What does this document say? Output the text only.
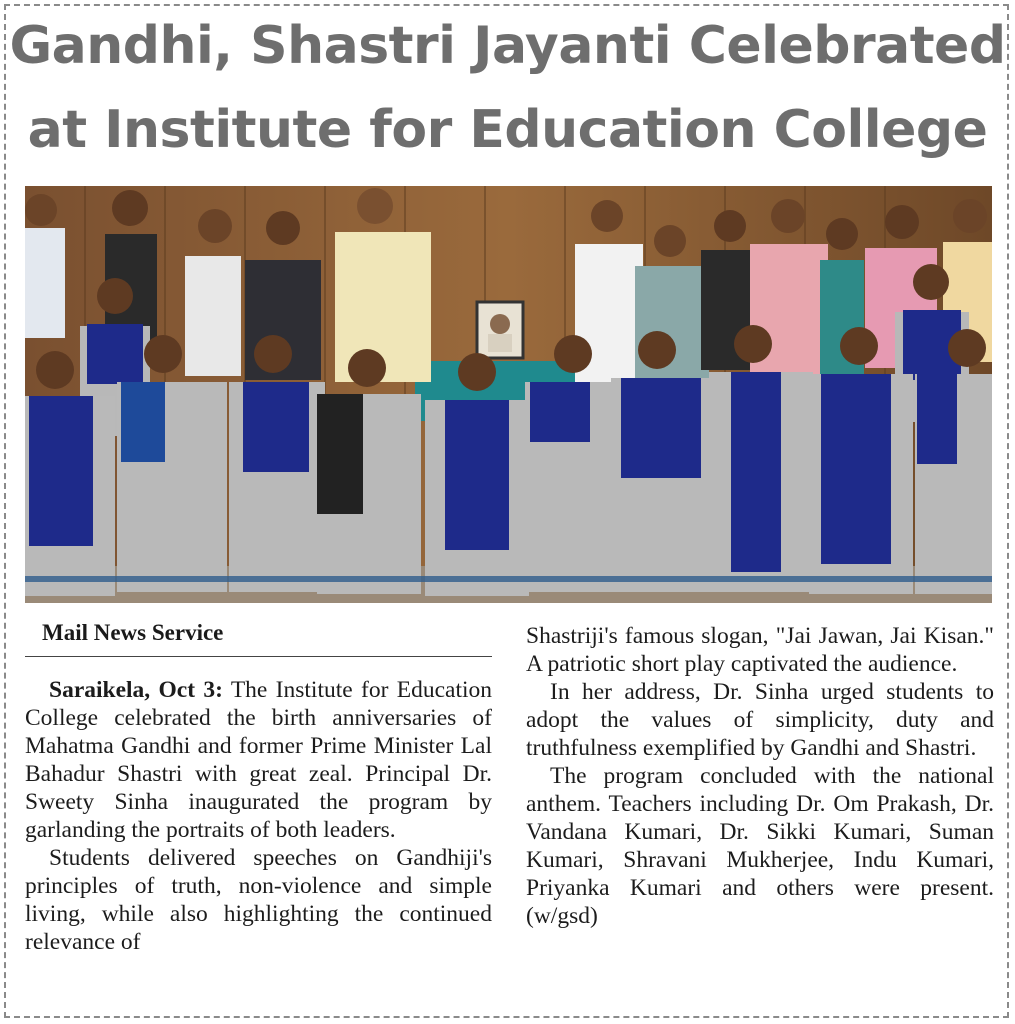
Gandhi, Shastri Jayanti Celebrated
at Institute for Education College
Mail News Service

Saraikela, Oct 3: The Institute for Education College celebrated the birth anniversaries of Mahatma Gandhi and former Prime Minister Lal Bahadur Shastri with great zeal. Principal Dr. Sweety Sinha inaugurated the program by garlanding the portraits of both leaders.

Students delivered speeches on Gandhiji's principles of truth, non-violence and simple living, while also highlighting the continued relevance of

Shastriji's famous slogan, "Jai Jawan, Jai Kisan." A patriotic short play captivated the audience.

In her address, Dr. Sinha urged students to adopt the values of simplicity, duty and truthfulness exemplified by Gandhi and Shastri.

The program concluded with the national anthem. Teachers including Dr. Om Prakash, Dr. Vandana Kumari, Dr. Sikki Kumari, Suman Kumari, Shravani Mukherjee, Indu Kumari, Priyanka Kumari and others were present. (w/gsd)
